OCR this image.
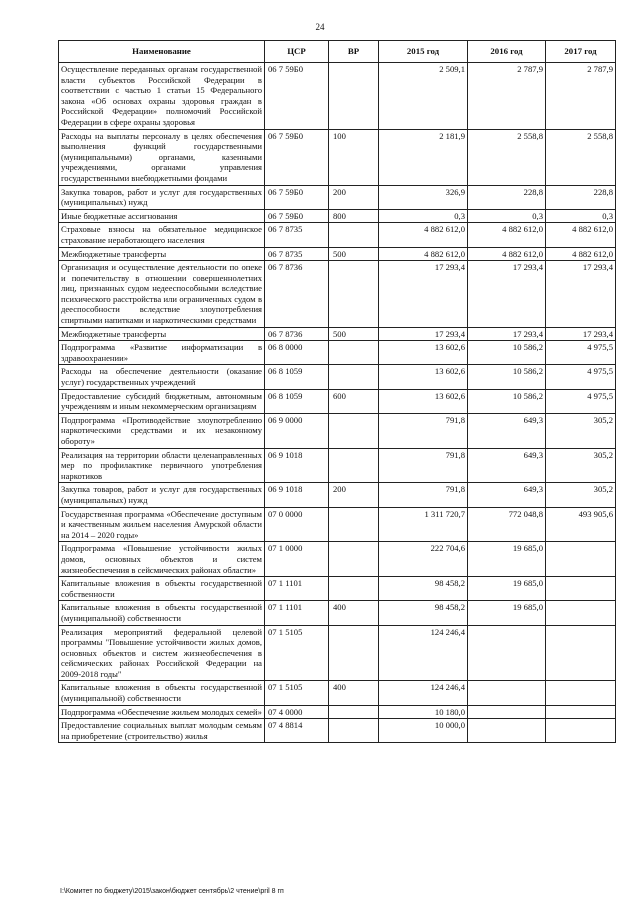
24
Наименование	ЦСР	ВР	2015 год	2016 год	2017 год
Осуществление переданных органам государственной власти субъектов Российской Федерации в соответствии с частью 1 статьи 15 Федерального закона «Об основах охраны здоровья граждан в Российской Федерации» полномочий Российской Федерации в сфере охраны здоровья	06 7 59Б0		2 509,1	2 787,9	2 787,9
Расходы на выплаты персоналу в целях обеспечения выполнения функций государственными (муниципальными) органами, казенными учреждениями, органами управления государственными внебюджетными фондами	06 7 59Б0	100	2 181,9	2 558,8	2 558,8
Закупка товаров, работ и услуг для государственных (муниципальных) нужд	06 7 59Б0	200	326,9	228,8	228,8
Иные бюджетные ассигнования	06 7 59Б0	800	0,3	0,3	0,3
Страховые взносы на обязательное медицинское страхование неработающего населения	06 7 8735		4 882 612,0	4 882 612,0	4 882 612,0
Межбюджетные трансферты	06 7 8735	500	4 882 612,0	4 882 612,0	4 882 612,0
Организация и осуществление деятельности по опеке и попечительству в отношении совершеннолетних лиц, признанных судом недееспособными вследствие психического расстройства или ограниченных судом в дееспособности вследствие злоупотребления спиртными напитками и наркотическими средствами	06 7 8736		17 293,4	17 293,4	17 293,4
Межбюджетные трансферты	06 7 8736	500	17 293,4	17 293,4	17 293,4
Подпрограмма «Развитие информатизации в здравоохранении»	06 8 0000		13 602,6	10 586,2	4 975,5
Расходы на обеспечение деятельности (оказание услуг) государственных учреждений	06 8 1059		13 602,6	10 586,2	4 975,5
Предоставление субсидий бюджетным, автономным учреждениям и иным некоммерческим организациям	06 8 1059	600	13 602,6	10 586,2	4 975,5
Подпрограмма «Противодействие злоупотреблению наркотическими средствами и их незаконному обороту»	06 9 0000		791,8	649,3	305,2
Реализация на территории области целенаправленных мер по профилактике первичного употребления наркотиков	06 9 1018		791,8	649,3	305,2
Закупка товаров, работ и услуг для государственных (муниципальных) нужд	06 9 1018	200	791,8	649,3	305,2
Государственная программа «Обеспечение доступным и качественным жильем населения Амурской области на 2014 – 2020 годы»	07 0 0000		1 311 720,7	772 048,8	493 905,6
Подпрограмма «Повышение устойчивости жилых домов, основных объектов и систем жизнеобеспечения в сейсмических районах области»	07 1 0000		222 704,6	19 685,0	
Капитальные вложения в объекты государственной собственности	07 1 1101		98 458,2	19 685,0	
Капитальные вложения в объекты государственной (муниципальной) собственности	07 1 1101	400	98 458,2	19 685,0	
Реализация мероприятий федеральной целевой программы "Повышение устойчивости жилых домов, основных объектов и систем жизнеобеспечения в сейсмических районах Российской Федерации на 2009-2018 годы"	07 1 5105		124 246,4		
Капитальные вложения в объекты государственной (муниципальной) собственности	07 1 5105	400	124 246,4		
Подпрограмма «Обеспечение жильем молодых семей»	07 4 0000		10 180,0		
Предоставление социальных выплат молодым семьям на приобретение (строительство) жилья	07 4 8814		10 000,0		
I:\Комитет по бюджету\2015\закон\бюджет сентябрь\2 чтение\pril 8 гп
